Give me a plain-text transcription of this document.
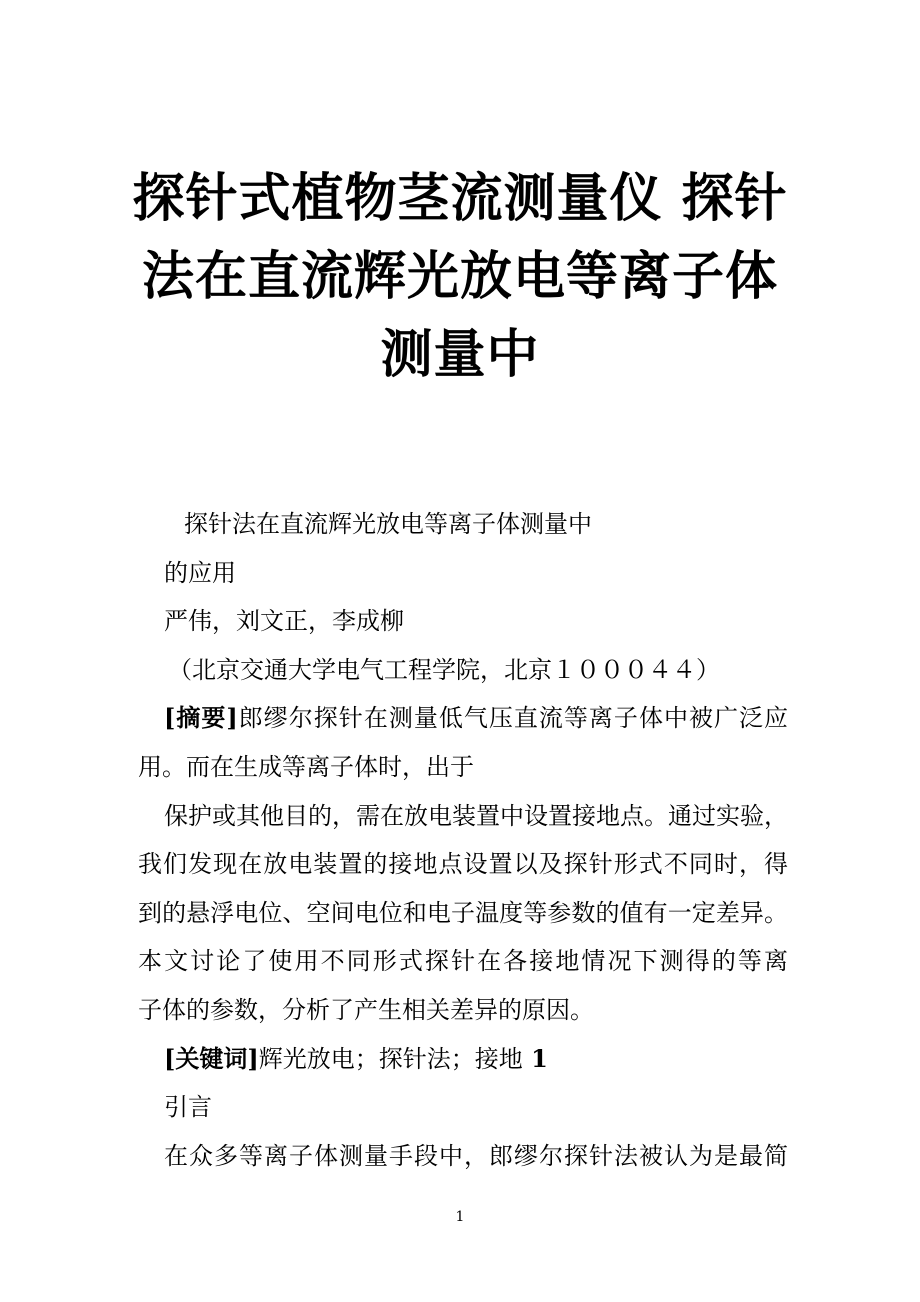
探针式植物茎流测量仪 探针法在直流辉光放电等离子体测量中
探针法在直流辉光放电等离子体测量中
的应用
严伟，刘文正，李成柳
（北京交通大学电气工程学院，北京１０００４４）
[摘要]郎缪尔探针在测量低气压直流等离子体中被广泛应
用。而在生成等离子体时，出于
保护或其他目的，需在放电装置中设置接地点。通过实验，
我们发现在放电装置的接地点设置以及探针形式不同时，得
到的悬浮电位、空间电位和电子温度等参数的值有一定差异。
本文讨论了使用不同形式探针在各接地情况下测得的等离
子体的参数，分析了产生相关差异的原因。
[关键词]辉光放电；探针法；接地 1
引言
在众多等离子体测量手段中，郎缪尔探针法被认为是最简
1
